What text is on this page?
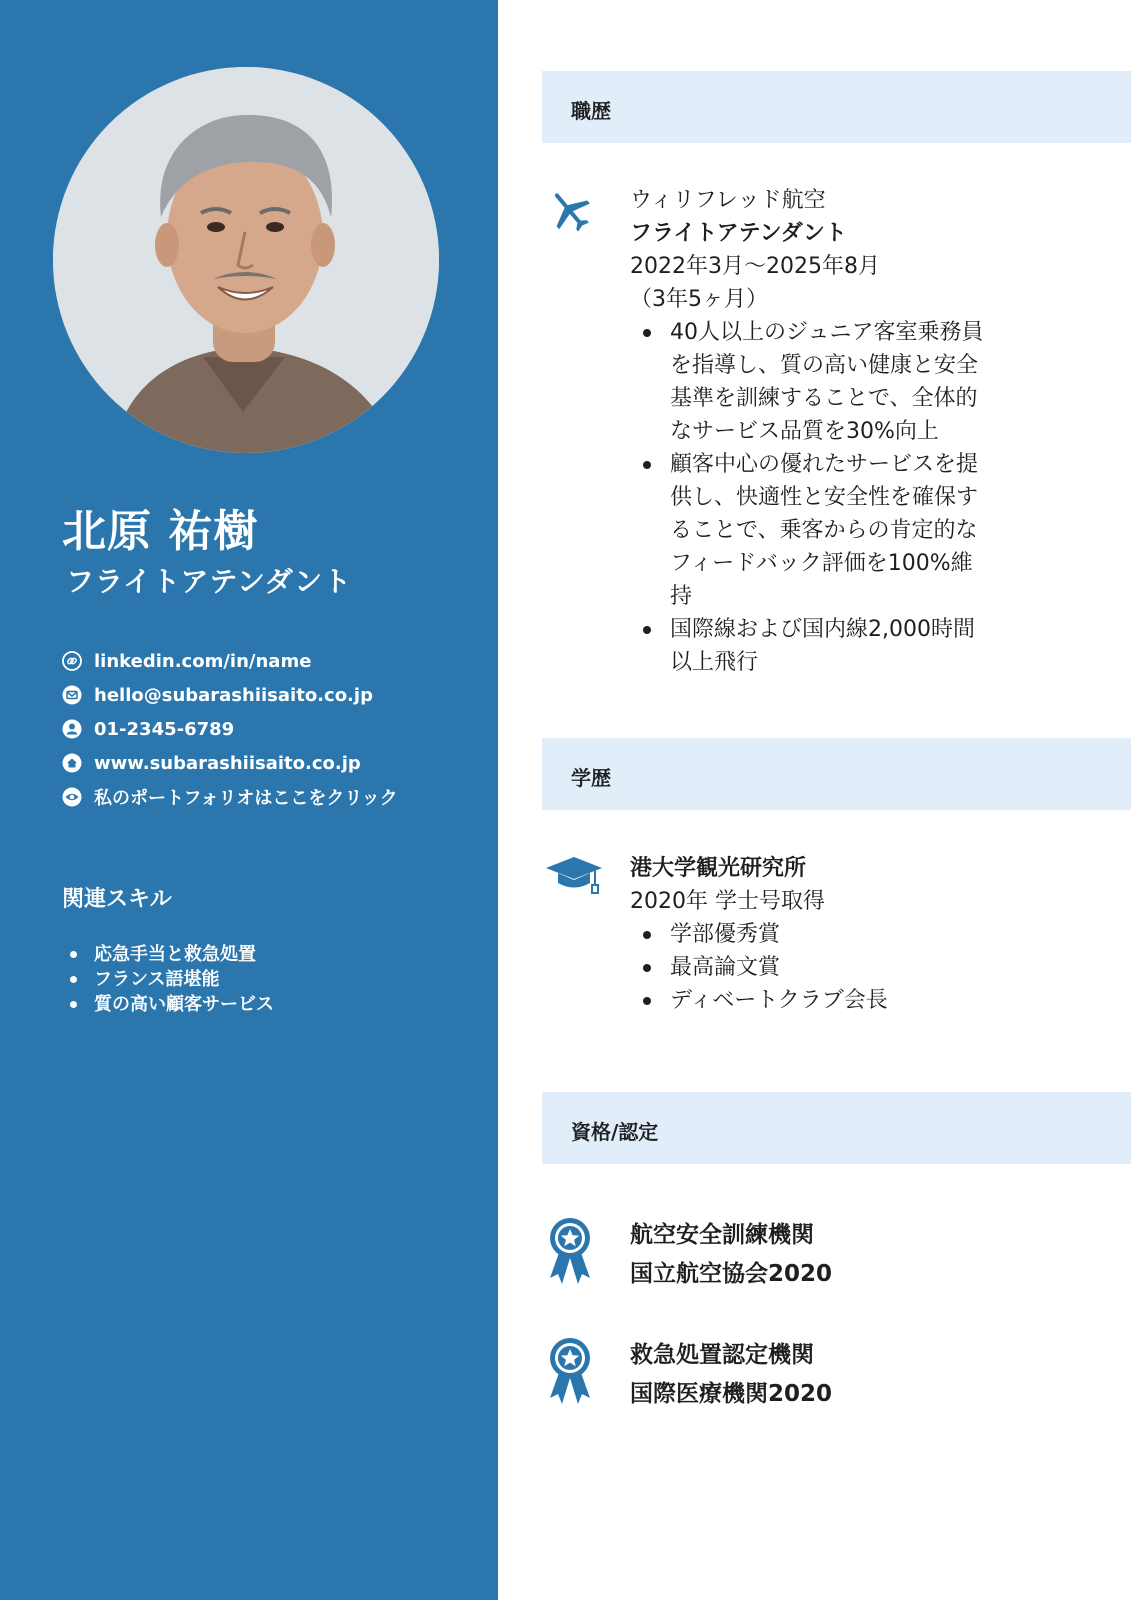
北原 祐樹
フライトアテンダント
linkedin.com/in/name
hello@subarashiisaito.co.jp
01-2345-6789
www.subarashiisaito.co.jp
私のポートフォリオはここをクリック
関連スキル
応急手当と救急処置
フランス語堪能
質の高い顧客サービス
職歴
ウィリフレッド航空
フライトアテンダント
2022年3月～2025年8月
（3年5ヶ月）
40人以上のジュニア客室乗務員
を指導し、質の高い健康と安全
基準を訓練することで、全体的
なサービス品質を30%向上
顧客中心の優れたサービスを提
供し、快適性と安全性を確保す
ることで、乗客からの肯定的な
フィードバック評価を100%維
持
国際線および国内線2,000時間
以上飛行
学歴
港大学観光研究所
2020年 学士号取得
学部優秀賞
最高論文賞
ディベートクラブ会長
資格/認定
航空安全訓練機関
国立航空協会2020
救急処置認定機関
国際医療機関2020
